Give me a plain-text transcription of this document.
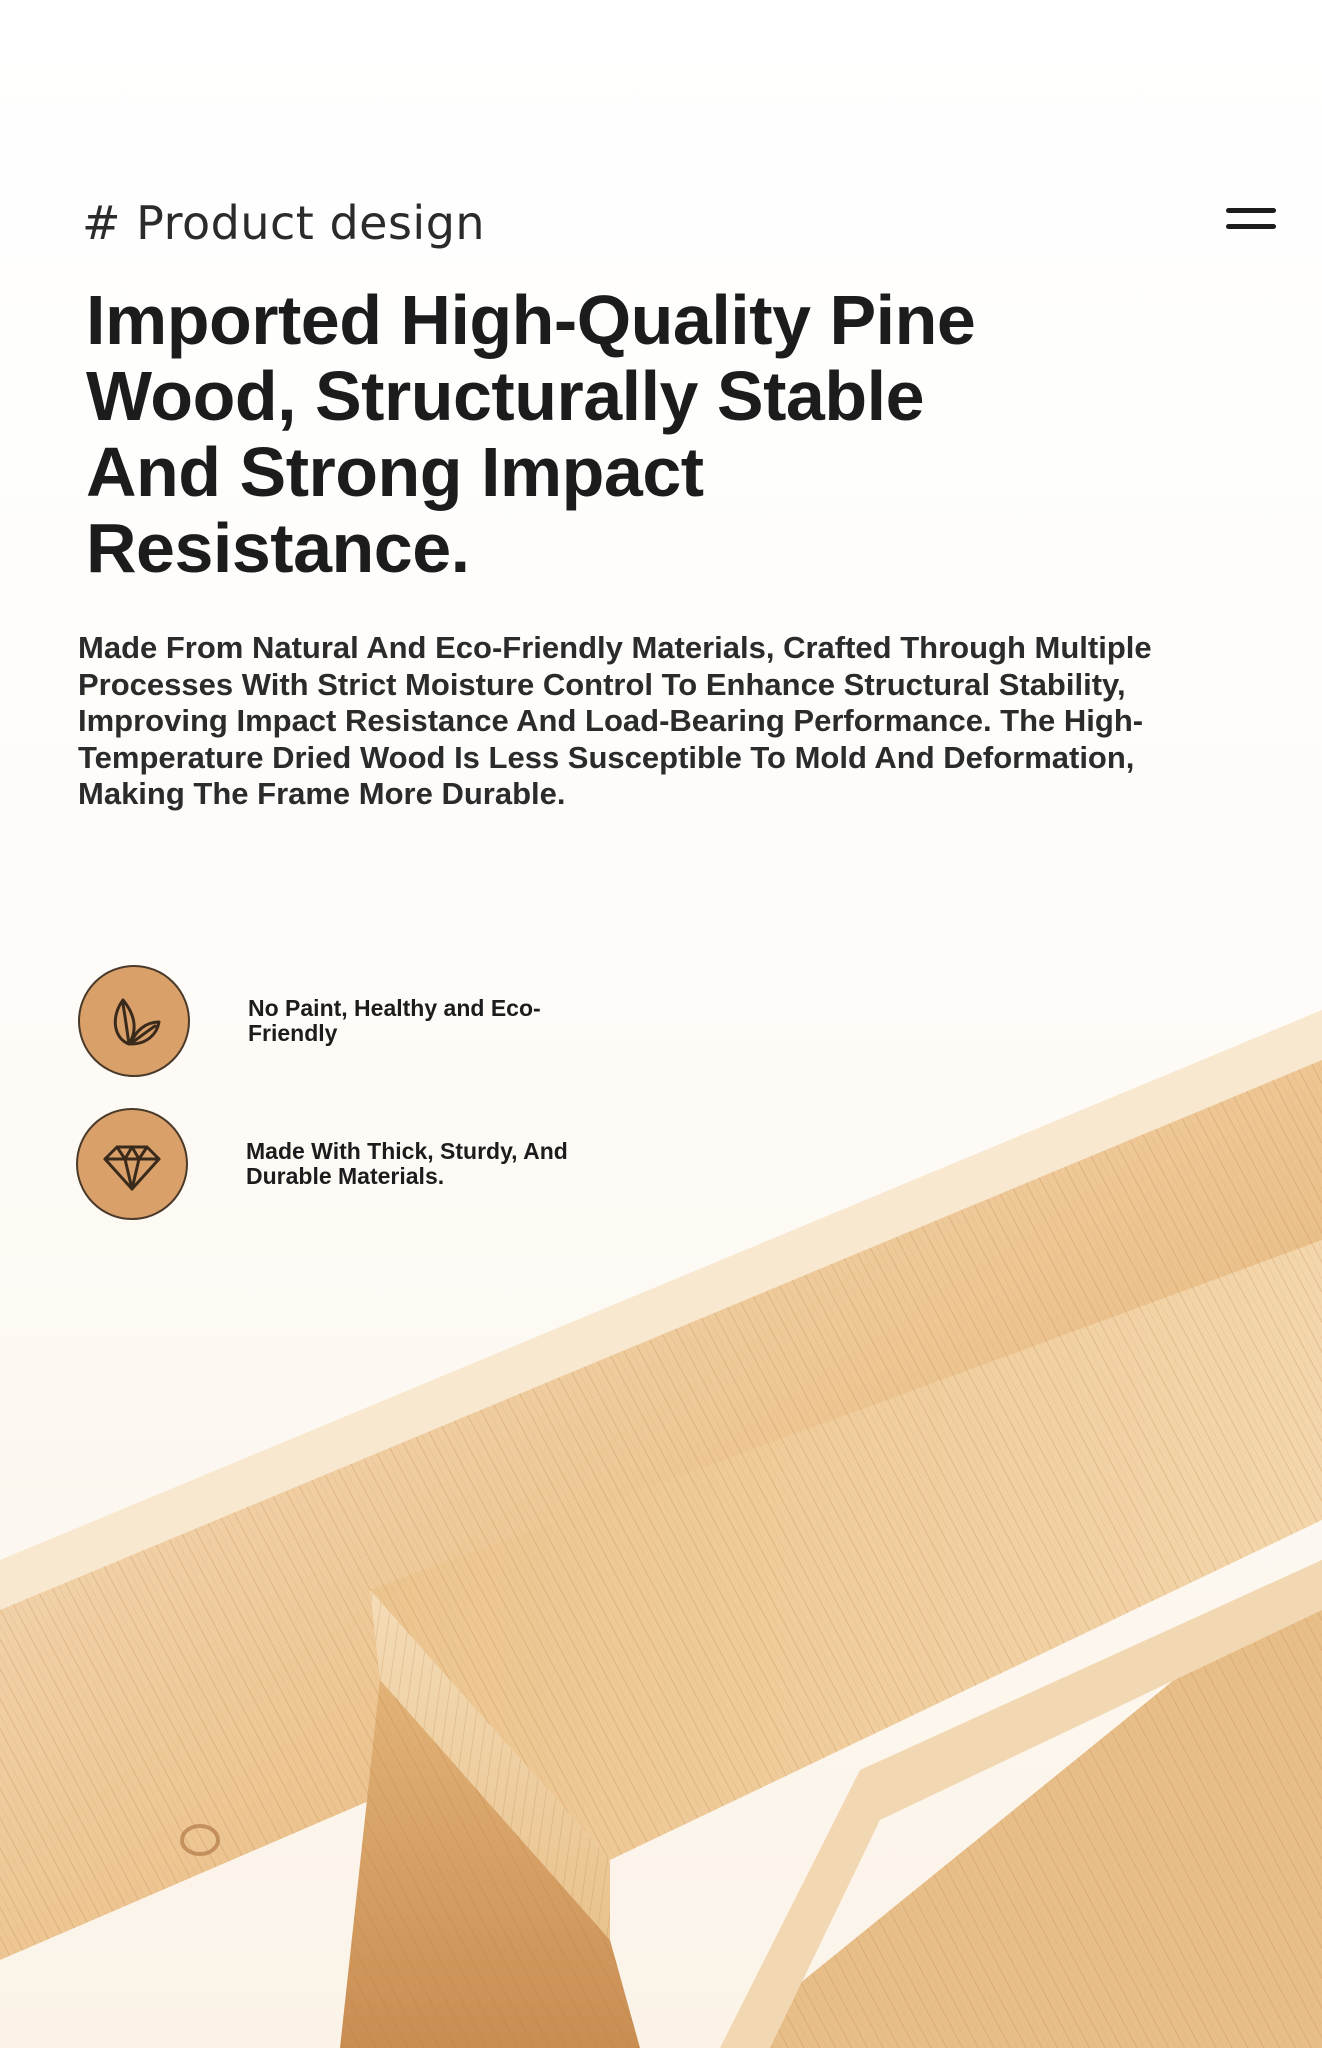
# Product design
Imported High-Quality Pine Wood, Structurally Stable And Strong Impact Resistance.

Made From Natural And Eco-Friendly Materials, Crafted Through Multiple Processes With Strict Moisture Control To Enhance Structural Stability, Improving Impact Resistance And Load-Bearing Performance. The High-Temperature Dried Wood Is Less Susceptible To Mold And Deformation, Making The Frame More Durable.

No Paint, Healthy and Eco-Friendly
Made With Thick, Sturdy, And Durable Materials.
